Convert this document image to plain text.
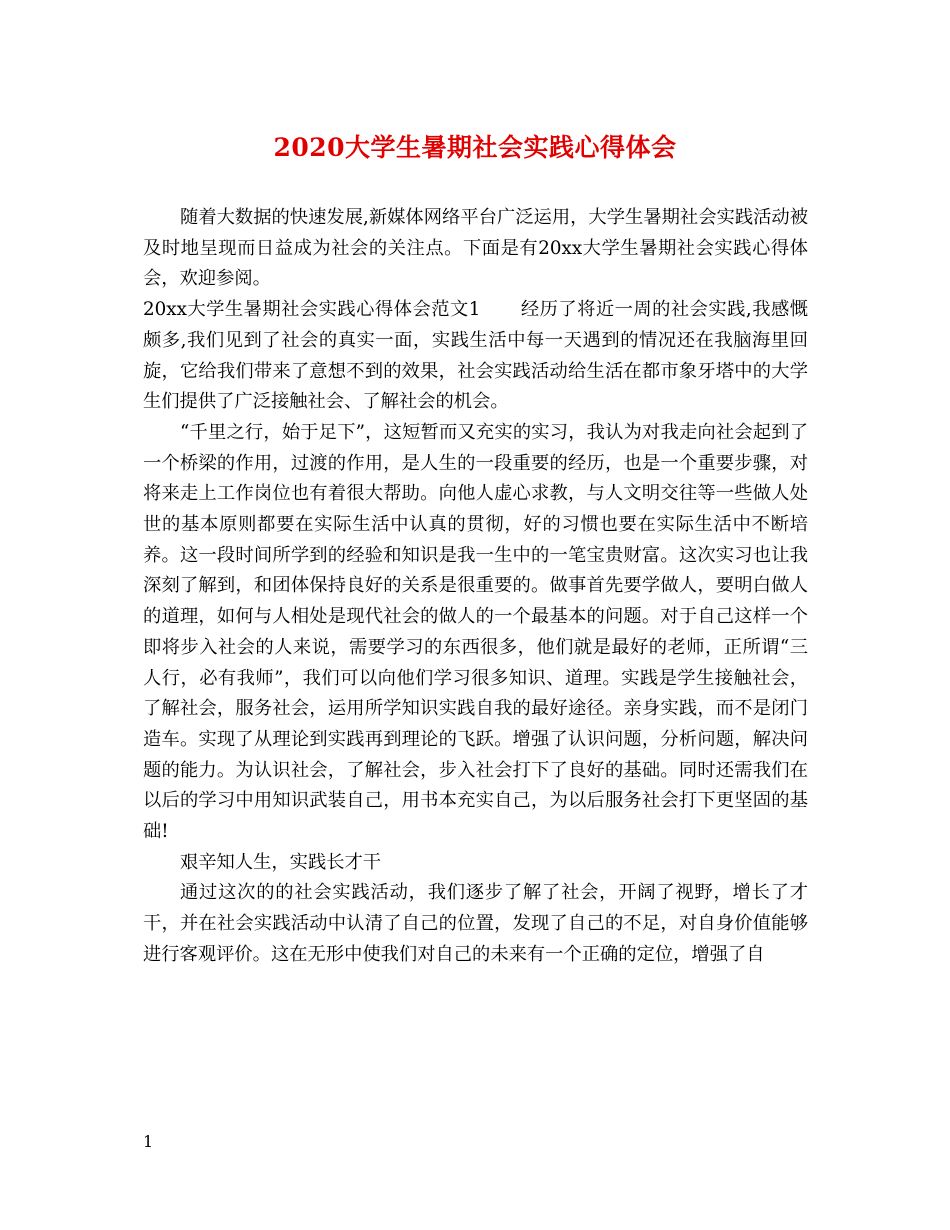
2020大学生暑期社会实践心得体会

随着大数据的快速发展,新媒体网络平台广泛运用，大学生暑期社会实践活动被及时地呈现而日益成为社会的关注点。下面是有20xx大学生暑期社会实践心得体会，欢迎参阅。

20xx大学生暑期社会实践心得体会范文1 经历了将近一周的社会实践,我感慨颇多,我们见到了社会的真实一面，实践生活中每一天遇到的情况还在我脑海里回旋，它给我们带来了意想不到的效果，社会实践活动给生活在都市象牙塔中的大学生们提供了广泛接触社会、了解社会的机会。

“千里之行，始于足下”，这短暂而又充实的实习，我认为对我走向社会起到了一个桥梁的作用，过渡的作用，是人生的一段重要的经历，也是一个重要步骤，对将来走上工作岗位也有着很大帮助。向他人虚心求教，与人文明交往等一些做人处世的基本原则都要在实际生活中认真的贯彻，好的习惯也要在实际生活中不断培养。这一段时间所学到的经验和知识是我一生中的一笔宝贵财富。这次实习也让我深刻了解到，和团体保持良好的关系是很重要的。做事首先要学做人，要明白做人的道理，如何与人相处是现代社会的做人的一个最基本的问题。对于自己这样一个即将步入社会的人来说，需要学习的东西很多，他们就是最好的老师，正所谓“三人行，必有我师”，我们可以向他们学习很多知识、道理。实践是学生接触社会，了解社会，服务社会，运用所学知识实践自我的最好途径。亲身实践，而不是闭门造车。实现了从理论到实践再到理论的飞跃。增强了认识问题，分析问题，解决问题的能力。为认识社会，了解社会，步入社会打下了良好的基础。同时还需我们在以后的学习中用知识武装自己，用书本充实自己，为以后服务社会打下更坚固的基础!

艰辛知人生，实践长才干

通过这次的的社会实践活动，我们逐步了解了社会，开阔了视野，增长了才干，并在社会实践活动中认清了自己的位置，发现了自己的不足，对自身价值能够进行客观评价。这在无形中使我们对自己的未来有一个正确的定位，增强了自

1
